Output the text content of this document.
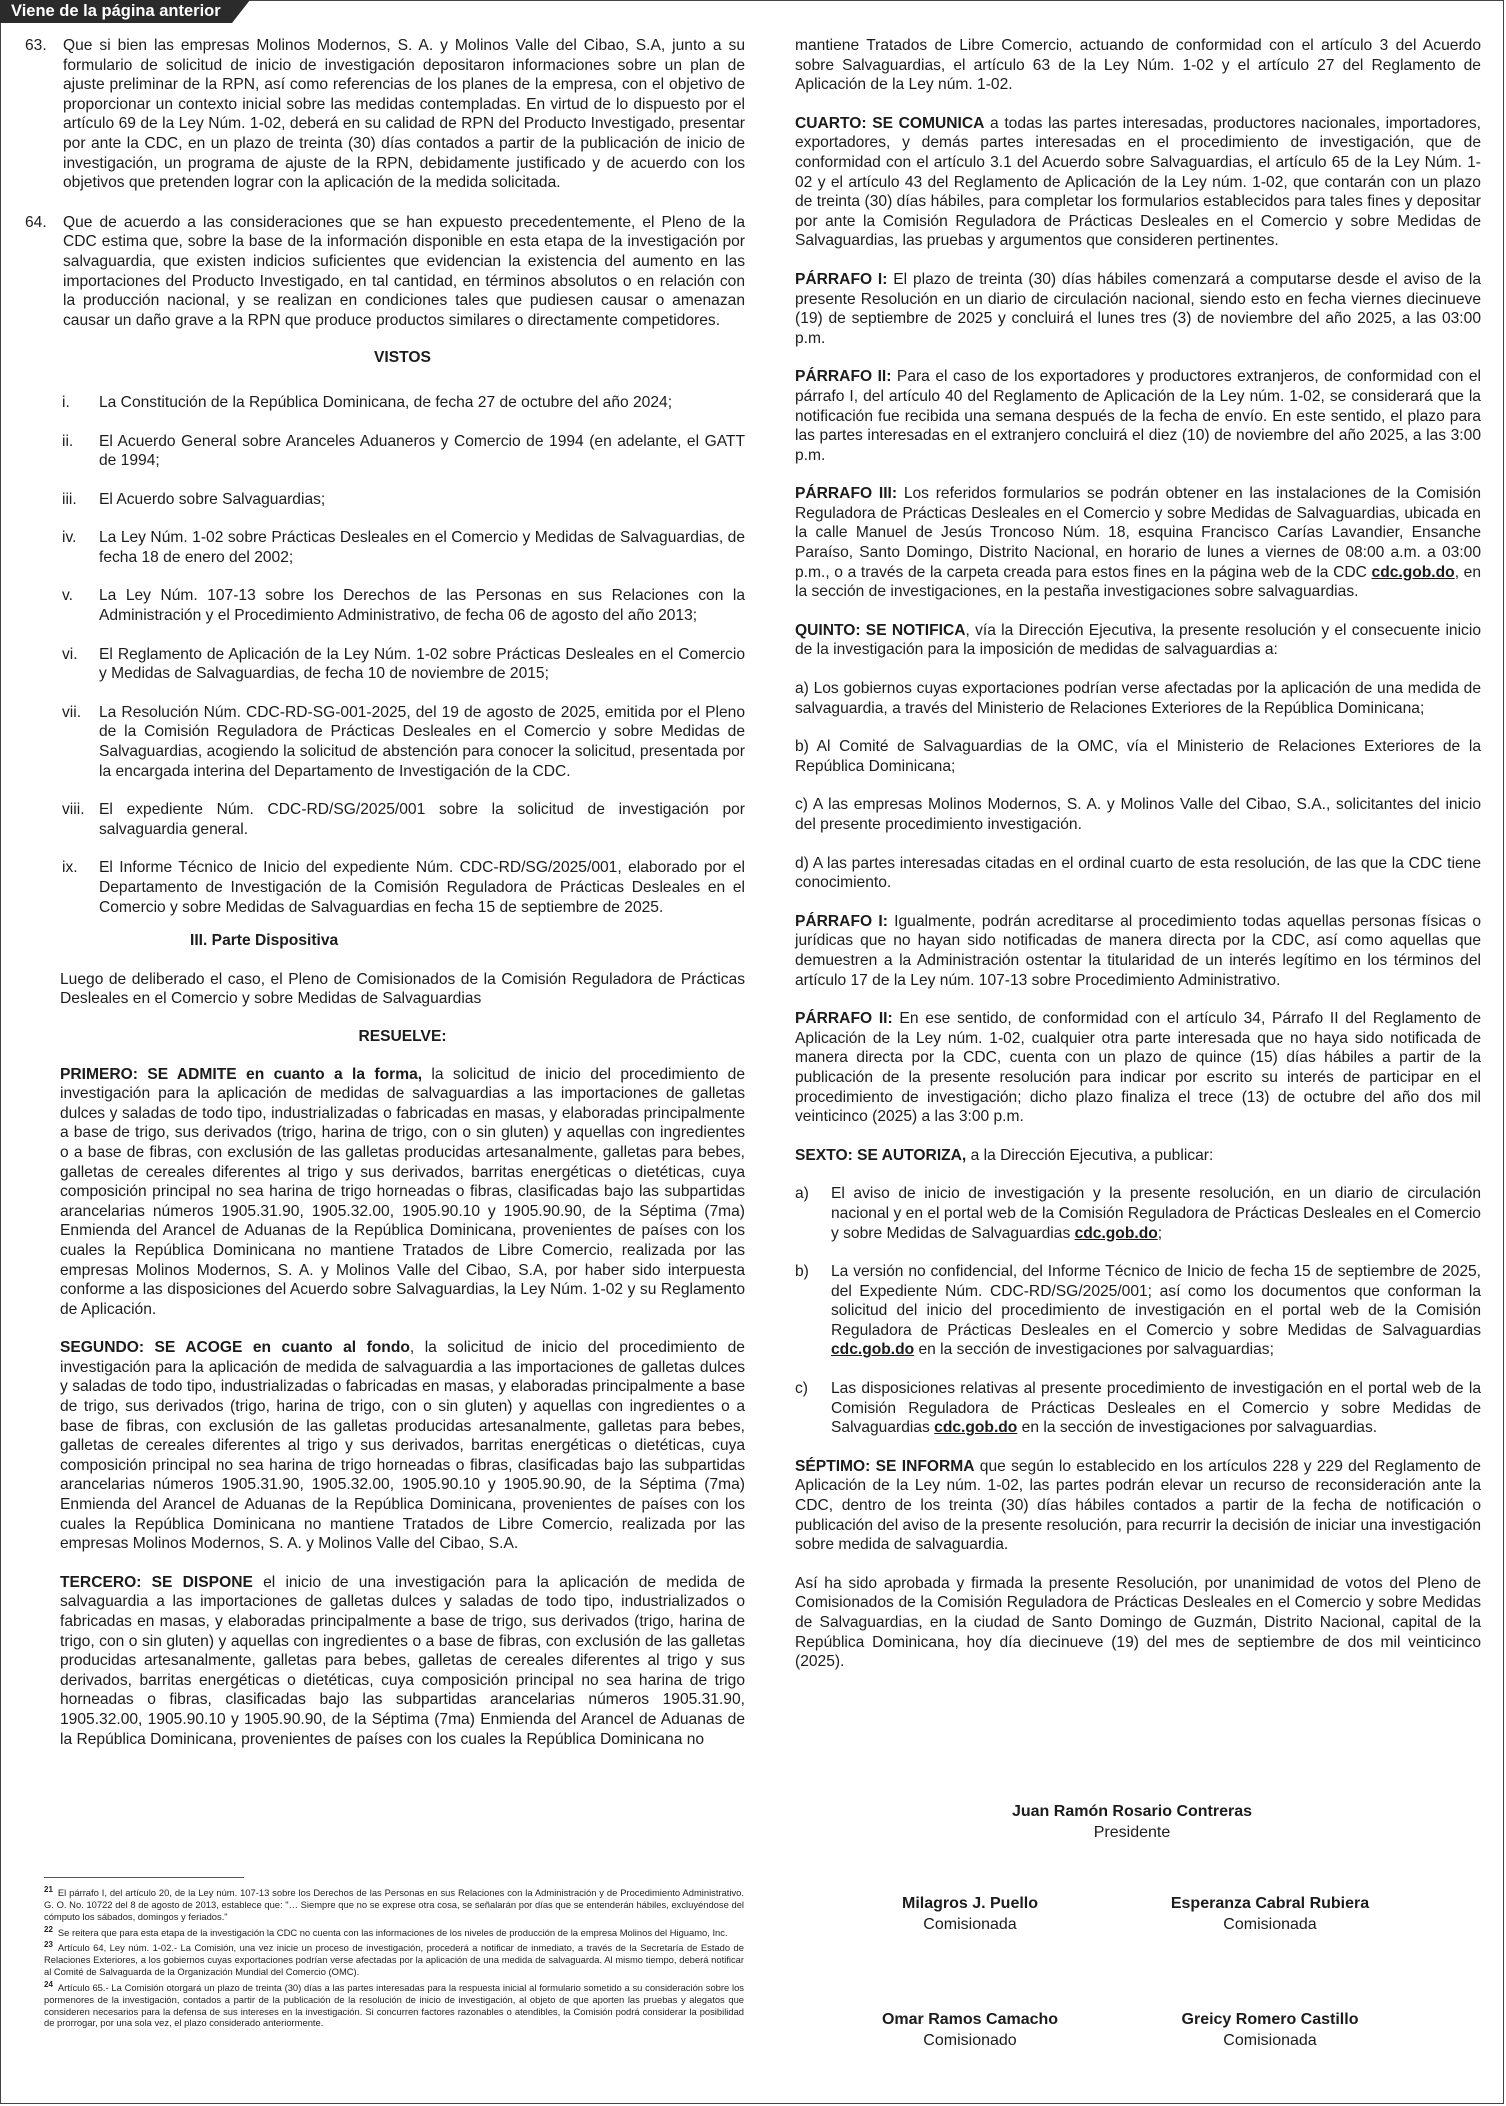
Viene de la página anterior
63.	Que si bien las empresas Molinos Modernos, S. A. y Molinos Valle del Cibao, S.A, junto a su formulario de solicitud de inicio de investigación depositaron informaciones sobre un plan de ajuste preliminar de la RPN, así como referencias de los planes de la empresa, con el objetivo de proporcionar un contexto inicial sobre las medidas contempladas. En virtud de lo dispuesto por el artículo 69 de la Ley Núm. 1-02, deberá en su calidad de RPN del Producto Investigado, presentar por ante la CDC, en un plazo de treinta (30) días contados a partir de la publicación de inicio de investigación, un programa de ajuste de la RPN, debidamente justificado y de acuerdo con los objetivos que pretenden lograr con la aplicación de la medida solicitada.
64.	Que de acuerdo a las consideraciones que se han expuesto precedentemente, el Pleno de la CDC estima que, sobre la base de la información disponible en esta etapa de la investigación por salvaguardia, que existen indicios suficientes que evidencian la existencia del aumento en las importaciones del Producto Investigado, en tal cantidad, en términos absolutos o en relación con la producción nacional, y se realizan en condiciones tales que pudiesen causar o amenazan causar un daño grave a la RPN que produce productos similares o directamente competidores.

VISTOS

i.	La Constitución de la República Dominicana, de fecha 27 de octubre del año 2024;
ii.	El Acuerdo General sobre Aranceles Aduaneros y Comercio de 1994 (en adelante, el GATT de 1994;
iii.	El Acuerdo sobre Salvaguardias;
iv.	La Ley Núm. 1-02 sobre Prácticas Desleales en el Comercio y Medidas de Salvaguardias, de fecha 18 de enero del 2002;
v.	La Ley Núm. 107-13 sobre los Derechos de las Personas en sus Relaciones con la Administración y el Procedimiento Administrativo, de fecha 06 de agosto del año 2013;
vi.	El Reglamento de Aplicación de la Ley Núm. 1-02 sobre Prácticas Desleales en el Comercio y Medidas de Salvaguardias, de fecha 10 de noviembre de 2015;
vii.	La Resolución Núm. CDC-RD-SG-001-2025, del 19 de agosto de 2025, emitida por el Pleno de la Comisión Reguladora de Prácticas Desleales en el Comercio y sobre Medidas de Salvaguardias, acogiendo la solicitud de abstención para conocer la solicitud, presentada por la encargada interina del Departamento de Investigación de la CDC.
viii. El expediente Núm. CDC-RD/SG/2025/001 sobre la solicitud de investigación por salvaguardia general.
ix.	El Informe Técnico de Inicio del expediente Núm. CDC-RD/SG/2025/001, elaborado por el Departamento de Investigación de la Comisión Reguladora de Prácticas Desleales en el Comercio y sobre Medidas de Salvaguardias en fecha 15 de septiembre de 2025.

III. Parte Dispositiva

Luego de deliberado el caso, el Pleno de Comisionados de la Comisión Reguladora de Prácticas Desleales en el Comercio y sobre Medidas de Salvaguardias

RESUELVE:

PRIMERO: SE ADMITE en cuanto a la forma, la solicitud de inicio del procedimiento de investigación para la aplicación de medidas de salvaguardias a las importaciones de galletas dulces y saladas de todo tipo, industrializadas o fabricadas en masas, y elaboradas principalmente a base de trigo, sus derivados (trigo, harina de trigo, con o sin gluten) y aquellas con ingredientes o a base de fibras, con exclusión de las galletas producidas artesanalmente, galletas para bebes, galletas de cereales diferentes al trigo y sus derivados, barritas energéticas o dietéticas, cuya composición principal no sea harina de trigo horneadas o fibras, clasificadas bajo las subpartidas arancelarias números 1905.31.90, 1905.32.00, 1905.90.10 y 1905.90.90, de la Séptima (7ma) Enmienda del Arancel de Aduanas de la República Dominicana, provenientes de países con los cuales la República Dominicana no mantiene Tratados de Libre Comercio, realizada por las empresas Molinos Modernos, S. A. y Molinos Valle del Cibao, S.A, por haber sido interpuesta conforme a las disposiciones del Acuerdo sobre Salvaguardias, la Ley Núm. 1-02 y su Reglamento de Aplicación.

SEGUNDO: SE ACOGE en cuanto al fondo, la solicitud de inicio del procedimiento de investigación para la aplicación de medida de salvaguardia a las importaciones de galletas dulces y saladas de todo tipo, industrializadas o fabricadas en masas, y elaboradas principalmente a base de trigo, sus derivados (trigo, harina de trigo, con o sin gluten) y aquellas con ingredientes o a base de fibras, con exclusión de las galletas producidas artesanalmente, galletas para bebes, galletas de cereales diferentes al trigo y sus derivados, barritas energéticas o dietéticas, cuya composición principal no sea harina de trigo horneadas o fibras, clasificadas bajo las subpartidas arancelarias números 1905.31.90, 1905.32.00, 1905.90.10 y 1905.90.90, de la Séptima (7ma) Enmienda del Arancel de Aduanas de la República Dominicana, provenientes de países con los cuales la República Dominicana no mantiene Tratados de Libre Comercio, realizada por las empresas Molinos Modernos, S. A. y Molinos Valle del Cibao, S.A.

TERCERO: SE DISPONE el inicio de una investigación para la aplicación de medida de salvaguardia a las importaciones de galletas dulces y saladas de todo tipo, industrializados o fabricadas en masas, y elaboradas principalmente a base de trigo, sus derivados (trigo, harina de trigo, con o sin gluten) y aquellas con ingredientes o a base de fibras, con exclusión de las galletas producidas artesanalmente, galletas para bebes, galletas de cereales diferentes al trigo y sus derivados, barritas energéticas o dietéticas, cuya composición principal no sea harina de trigo horneadas o fibras, clasificadas bajo las subpartidas arancelarias números 1905.31.90, 1905.32.00, 1905.90.10 y 1905.90.90, de la Séptima (7ma) Enmienda del Arancel de Aduanas de la República Dominicana, provenientes de países con los cuales la República Dominicana no

$^{21}$ El párrafo I, del artículo 20, de la Ley núm. 107-13 sobre los Derechos de las Personas en sus Relaciones con la Administración y de Procedimiento Administrativo. G. O. No. 10722 del 8 de agosto de 2013, establece que: "… Siempre que no se exprese otra cosa, se señalarán por días que se entenderán hábiles, excluyéndose del cómputo los sábados, domingos y feriados."

$^{22}$ Se reitera que para esta etapa de la investigación la CDC no cuenta con las informaciones de los niveles de producción de la empresa Molinos del Higuamo, Inc.

$^{23}$ Artículo 64, Ley núm. 1-02.- La Comisión, una vez inicie un proceso de investigación, procederá a notificar de inmediato, a través de la Secretaría de Estado de Relaciones Exteriores, a los gobiernos cuyas exportaciones podrían verse afectadas por la aplicación de una medida de salvaguarda. Al mismo tiempo, deberá notificar al Comité de Salvaguarda de la Organización Mundial del Comercio (OMC).

$^{24}$ Artículo 65.- La Comisión otorgará un plazo de treinta (30) días a las partes interesadas para la respuesta inicial al formulario sometido a su consideración sobre los pormenores de la investigación, contados a partir de la publicación de la resolución de inicio de investigación, al objeto de que aporten las pruebas y alegatos que consideren necesarios para la defensa de sus intereses en la investigación. Si concurren factores razonables o atendibles, la Comisión podrá considerar la posibilidad de prorrogar, por una sola vez, el plazo considerado anteriormente.

mantiene Tratados de Libre Comercio, actuando de conformidad con el artículo 3 del Acuerdo sobre Salvaguardias, el artículo 63 de la Ley Núm. 1-02 y el artículo 27 del Reglamento de Aplicación de la Ley núm. 1-02.

CUARTO: SE COMUNICA a todas las partes interesadas, productores nacionales, importadores, exportadores, y demás partes interesadas en el procedimiento de investigación, que de conformidad con el artículo 3.1 del Acuerdo sobre Salvaguardias, el artículo 65 de la Ley Núm. 1-02 y el artículo 43 del Reglamento de Aplicación de la Ley núm. 1-02, que contarán con un plazo de treinta (30) días hábiles, para completar los formularios establecidos para tales fines y depositar por ante la Comisión Reguladora de Prácticas Desleales en el Comercio y sobre Medidas de Salvaguardias, las pruebas y argumentos que consideren pertinentes.

PÁRRAFO I: El plazo de treinta (30) días hábiles comenzará a computarse desde el aviso de la presente Resolución en un diario de circulación nacional, siendo esto en fecha viernes diecinueve (19) de septiembre de 2025 y concluirá el lunes tres (3) de noviembre del año 2025, a las 03:00 p.m.

PÁRRAFO II: Para el caso de los exportadores y productores extranjeros, de conformidad con el párrafo I, del artículo 40 del Reglamento de Aplicación de la Ley núm. 1-02, se considerará que la notificación fue recibida una semana después de la fecha de envío. En este sentido, el plazo para las partes interesadas en el extranjero concluirá el diez (10) de noviembre del año 2025, a las 3:00 p.m.

PÁRRAFO III: Los referidos formularios se podrán obtener en las instalaciones de la Comisión Reguladora de Prácticas Desleales en el Comercio y sobre Medidas de Salvaguardias, ubicada en la calle Manuel de Jesús Troncoso Núm. 18, esquina Francisco Carías Lavandier, Ensanche Paraíso, Santo Domingo, Distrito Nacional, en horario de lunes a viernes de 08:00 a.m. a 03:00 p.m., o a través de la carpeta creada para estos fines en la página web de la CDC cdc.gob.do, en la sección de investigaciones, en la pestaña investigaciones sobre salvaguardias.

QUINTO: SE NOTIFICA, vía la Dirección Ejecutiva, la presente resolución y el consecuente inicio de la investigación para la imposición de medidas de salvaguardias a:

a) Los gobiernos cuyas exportaciones podrían verse afectadas por la aplicación de una medida de salvaguardia, a través del Ministerio de Relaciones Exteriores de la República Dominicana;

b) Al Comité de Salvaguardias de la OMC, vía el Ministerio de Relaciones Exteriores de la República Dominicana;

c) A las empresas Molinos Modernos, S. A. y Molinos Valle del Cibao, S.A., solicitantes del inicio del presente procedimiento investigación.

d) A las partes interesadas citadas en el ordinal cuarto de esta resolución, de las que la CDC tiene conocimiento.

PÁRRAFO I: Igualmente, podrán acreditarse al procedimiento todas aquellas personas físicas o jurídicas que no hayan sido notificadas de manera directa por la CDC, así como aquellas que demuestren a la Administración ostentar la titularidad de un interés legítimo en los términos del artículo 17 de la Ley núm. 107-13 sobre Procedimiento Administrativo.

PÁRRAFO II: En ese sentido, de conformidad con el artículo 34, Párrafo II del Reglamento de Aplicación de la Ley núm. 1-02, cualquier otra parte interesada que no haya sido notificada de manera directa por la CDC, cuenta con un plazo de quince (15) días hábiles a partir de la publicación de la presente resolución para indicar por escrito su interés de participar en el procedimiento de investigación; dicho plazo finaliza el trece (13) de octubre del año dos mil veinticinco (2025) a las 3:00 p.m.

SEXTO: SE AUTORIZA, a la Dirección Ejecutiva, a publicar:

a)	El aviso de inicio de investigación y la presente resolución, en un diario de circulación nacional y en el portal web de la Comisión Reguladora de Prácticas Desleales en el Comercio y sobre Medidas de Salvaguardias cdc.gob.do;
b)	La versión no confidencial, del Informe Técnico de Inicio de fecha 15 de septiembre de 2025, del Expediente Núm. CDC-RD/SG/2025/001; así como los documentos que conforman la solicitud del inicio del procedimiento de investigación en el portal web de la Comisión Reguladora de Prácticas Desleales en el Comercio y sobre Medidas de Salvaguardias cdc.gob.do en la sección de investigaciones por salvaguardias;
c)	Las disposiciones relativas al presente procedimiento de investigación en el portal web de la Comisión Reguladora de Prácticas Desleales en el Comercio y sobre Medidas de Salvaguardias cdc.gob.do en la sección de investigaciones por salvaguardias.

SÉPTIMO: SE INFORMA que según lo establecido en los artículos 228 y 229 del Reglamento de Aplicación de la Ley núm. 1-02, las partes podrán elevar un recurso de reconsideración ante la CDC, dentro de los treinta (30) días hábiles contados a partir de la fecha de notificación o publicación del aviso de la presente resolución, para recurrir la decisión de iniciar una investigación sobre medida de salvaguardia.

Así ha sido aprobada y firmada la presente Resolución, por unanimidad de votos del Pleno de Comisionados de la Comisión Reguladora de Prácticas Desleales en el Comercio y sobre Medidas de Salvaguardias, en la ciudad de Santo Domingo de Guzmán, Distrito Nacional, capital de la República Dominicana, hoy día diecinueve (19) del mes de septiembre de dos mil veinticinco (2025).

Juan Ramón Rosario Contreras
Presidente
Milagros J. Puello
Comisionada
Esperanza Cabral Rubiera
Comisionada
Omar Ramos Camacho
Comisionado
Greicy Romero Castillo
Comisionada
